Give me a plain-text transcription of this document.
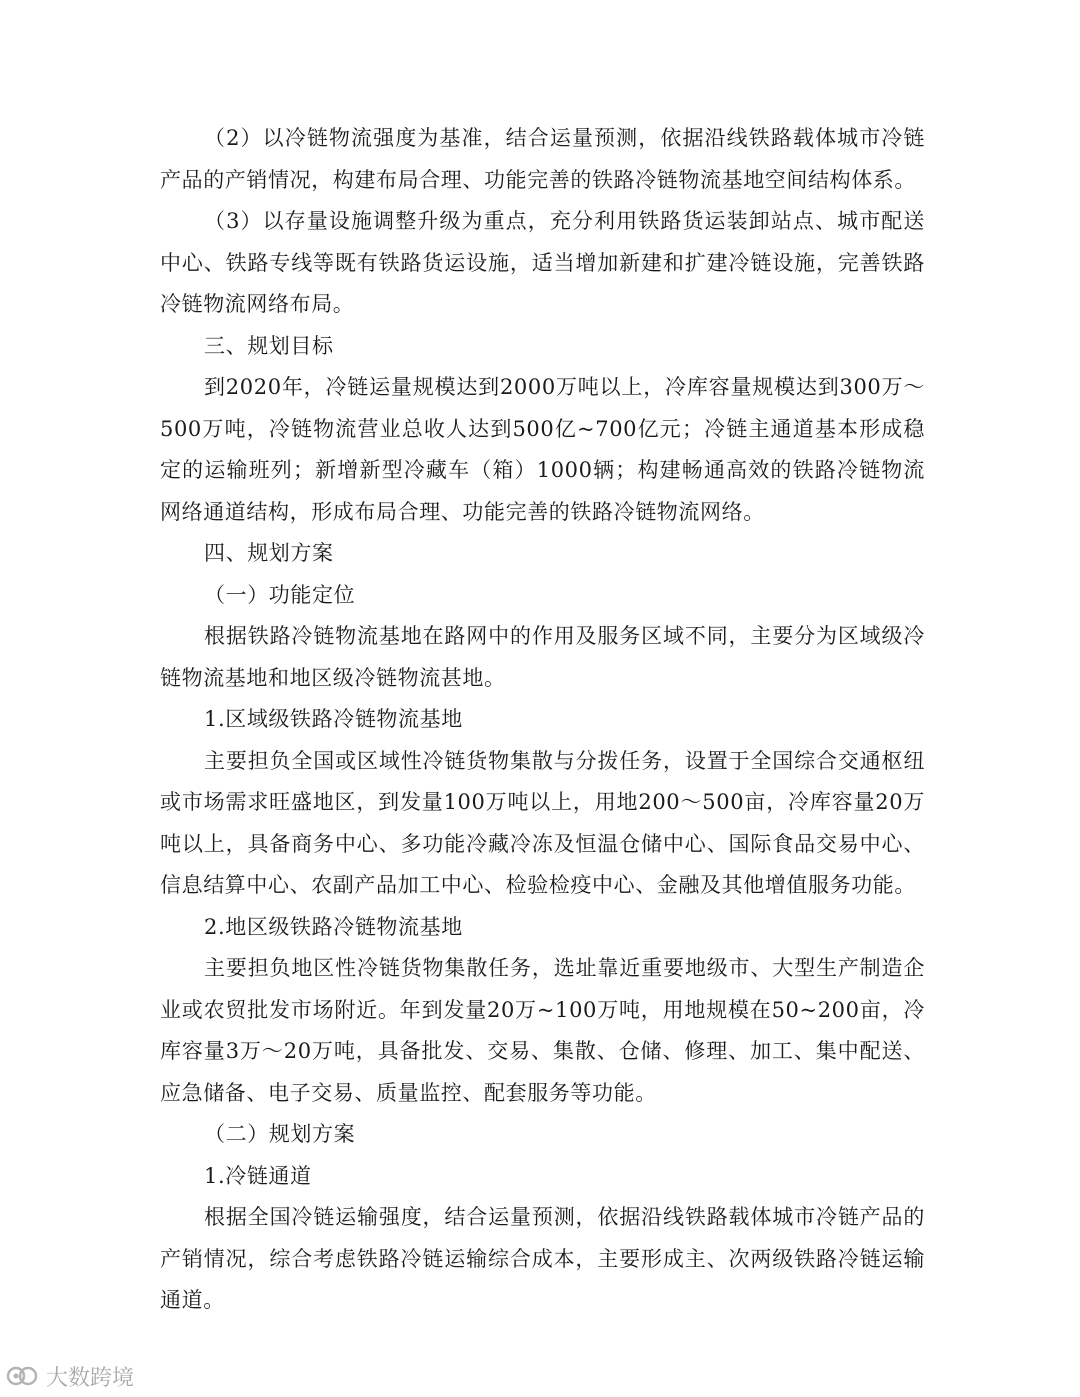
（2）以冷链物流强度为基准，结合运量预测，依据沿线铁路载体城市冷链产品的产销情况，构建布局合理、功能完善的铁路冷链物流基地空间结构体系。

（3）以存量设施调整升级为重点，充分利用铁路货运装卸站点、城市配送中心、铁路专线等既有铁路货运设施，适当增加新建和扩建冷链设施，完善铁路冷链物流网络布局。

三、规划目标

到2020年，冷链运量规模达到2000万吨以上，冷库容量规模达到300万～500万吨，冷链物流营业总收人达到500亿~700亿元；冷链主通道基本形成稳定的运输班列；新增新型冷藏车（箱）1000辆；构建畅通高效的铁路冷链物流网络通道结构，形成布局合理、功能完善的铁路冷链物流网络。

四、规划方案

（一）功能定位

根据铁路冷链物流基地在路网中的作用及服务区域不同，主要分为区域级冷链物流基地和地区级冷链物流甚地。

1.区域级铁路冷链物流基地

主要担负全国或区域性冷链货物集散与分拨任务，设置于全国综合交通枢纽或市场需求旺盛地区，到发量100万吨以上，用地200～500亩，冷库容量20万吨以上，具备商务中心、多功能冷藏冷冻及恒温仓储中心、国际食品交易中心、信息结算中心、农副产品加工中心、检验检疫中心、金融及其他增值服务功能。

2.地区级铁路冷链物流基地

主要担负地区性冷链货物集散任务，选址靠近重要地级市、大型生产制造企业或农贸批发市场附近。年到发量20万~100万吨，用地规模在50~200亩，冷库容量3万～20万吨，具备批发、交易、集散、仓储、修理、加工、集中配送、应急储备、电子交易、质量监控、配套服务等功能。

（二）规划方案

1.冷链通道

根据全国冷链运输强度，结合运量预测，依据沿线铁路载体城市冷链产品的产销情况，综合考虑铁路冷链运输综合成本，主要形成主、次两级铁路冷链运输通道。

大数跨境
